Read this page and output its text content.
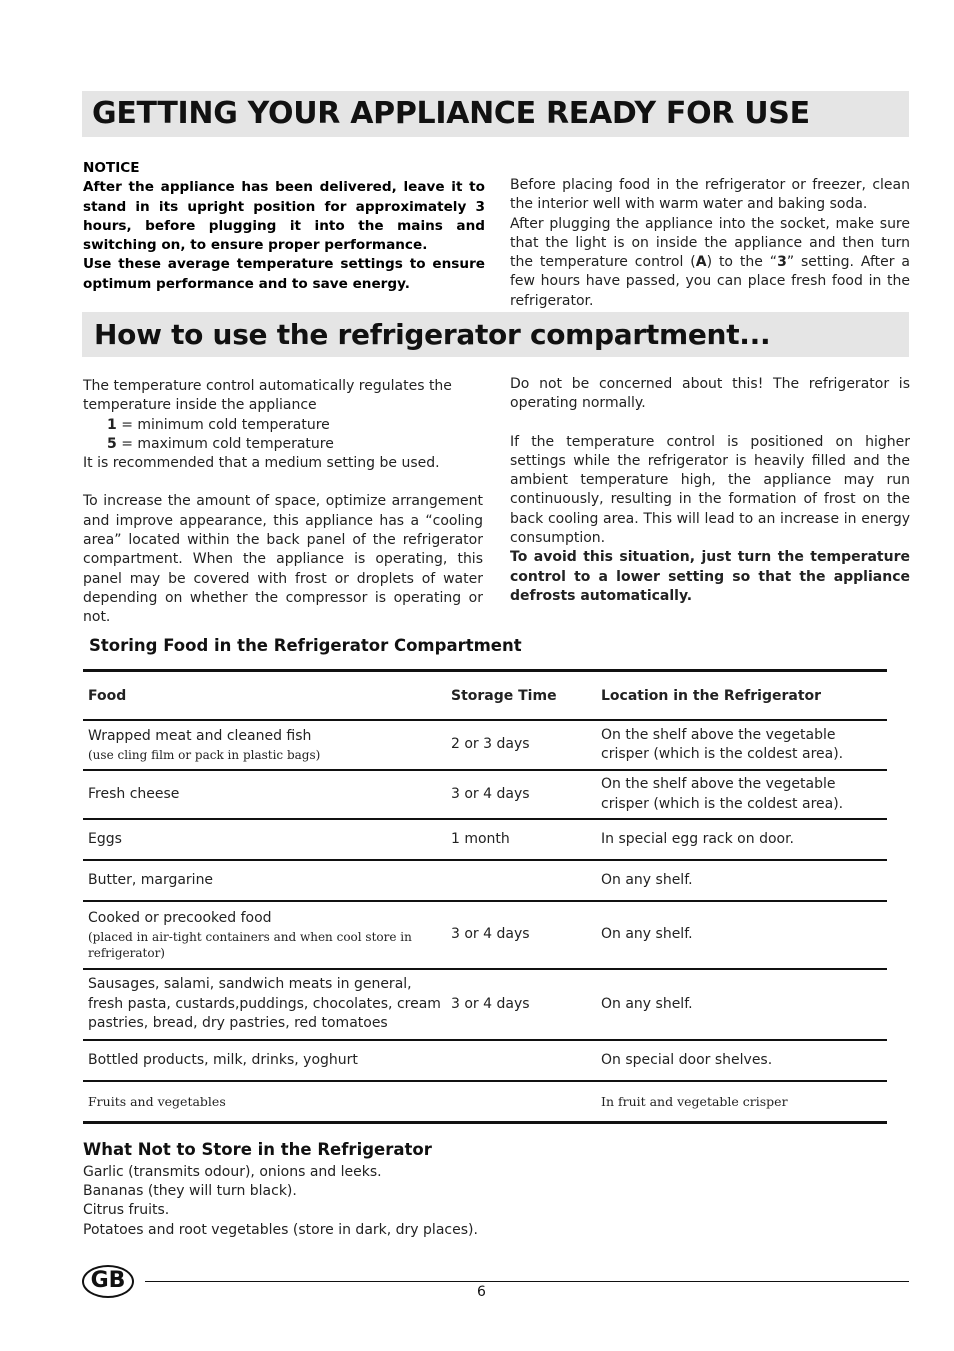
GETTING YOUR APPLIANCE READY FOR USE

NOTICE

After the appliance has been delivered, leave it to stand in its upright position for approximately 3 hours, before plugging it into the mains and switching on, to ensure proper performance.

Use these average temperature settings to ensure optimum performance and to save energy.

Before placing food in the refrigerator or freezer, clean the interior well with warm water and baking soda.

After plugging the appliance into the socket, make sure that the light is on inside the appliance and then turn the temperature control (A) to the “3” setting. After a few hours have passed, you can place fresh food in the refrigerator.

How to use the refrigerator compartment...

The temperature control automatically regulates the temperature inside the appliance

1 = minimum cold temperature

5 = maximum cold temperature

It is recommended that a medium setting be used.

To increase the amount of space, optimize arrangement and improve appearance, this appliance has a “cooling area” located within the back panel of the refrigerator compartment. When the appliance is operating, this panel may be covered with frost or droplets of water depending on whether the compressor is operating or not.

Do not be concerned about this! The refrigerator is operating normally.

If the temperature control is positioned on higher settings while the refrigerator is heavily filled and the ambient temperature high, the appliance may run continuously, resulting in the formation of frost on the back cooling area. This will lead to an increase in energy consumption.

To avoid this situation, just turn the temperature control to a lower setting so that the appliance defrosts automatically.

Storing Food in the Refrigerator Compartment
Food	Storage Time	Location in the Refrigerator
Wrapped meat and cleaned fish
(use cling film or pack in plastic bags)	2 or 3 days	On the shelf above the vegetable crisper (which is the coldest area).
Fresh cheese	3 or 4 days	On the shelf above the vegetable crisper (which is the coldest area).
Eggs	1 month	In special egg rack on door.
Butter, margarine		On any shelf.
Cooked or precooked food
(placed in air-tight containers and when cool store in refrigerator)	3 or 4 days	On any shelf.
Sausages, salami, sandwich meats in general, fresh pasta, custards,puddings, chocolates, cream pastries, bread, dry pastries, red tomatoes	3 or 4 days	On any shelf.
Bottled products, milk, drinks, yoghurt		On special door shelves.
Fruits and vegetables		In fruit and vegetable crisper
What Not to Store in the Refrigerator
Garlic (transmits odour), onions and leeks.
Bananas (they will turn black).
Citrus fruits.
Potatoes and root vegetables (store in dark, dry places).
GB	6
